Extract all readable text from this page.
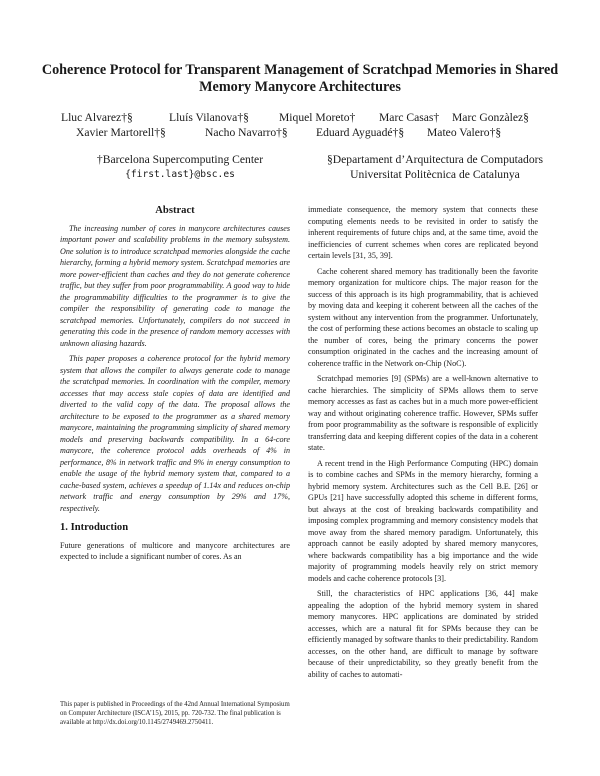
Coherence Protocol for Transparent Management of Scratchpad Memories in Shared Memory Manycore Architectures
Lluc Alvarez†§	Lluís Vilanova†§	Miquel Moreto† Marc Casas† Marc Gonzàlez§
Xavier Martorell†§	Nacho Navarro†§ Eduard Ayguadé†§ Mateo Valero†§
†Barcelona Supercomputing Center
{first.last}@bsc.es
§Departament d’Arquitectura de Computadors
Universitat Politècnica de Catalunya
Abstract

The increasing number of cores in manycore architectures causes important power and scalability problems in the memory subsystem. One solution is to introduce scratchpad memories alongside the cache hierarchy, forming a hybrid memory system. Scratchpad memories are more power-efficient than caches and they do not generate coherence traffic, but they suffer from poor programmability. A good way to hide the programmability difficulties to the programmer is to give the compiler the responsibility of generating code to manage the scratchpad memories. Unfortunately, compilers do not succeed in generating this code in the presence of random memory accesses with unknown aliasing hazards.

This paper proposes a coherence protocol for the hybrid memory system that allows the compiler to always generate code to manage the scratchpad memories. In coordination with the compiler, memory accesses that may access stale copies of data are identified and diverted to the valid copy of the data. The proposal allows the architecture to be exposed to the programmer as a shared memory manycore, maintaining the programming simplicity of shared memory models and preserving backwards compatibility. In a 64-core manycore, the coherence protocol adds overheads of 4% in performance, 8% in network traffic and 9% in energy consumption to enable the usage of the hybrid memory system that, compared to a cache-based system, achieves a speedup of 1.14x and reduces on-chip network traffic and energy consumption by 29% and 17%, respectively.

1. Introduction

Future generations of multicore and manycore architectures are expected to include a significant number of cores. As an

This paper is published in Proceedings of the 42nd Annual International Symposium on Computer Architecture (ISCA’15), 2015, pp. 720-732. The final publication is available at http://dx.doi.org/10.1145/2749469.2750411.

immediate consequence, the memory system that connects these computing elements needs to be revisited in order to satisfy the inherent requirements of future chips and, at the same time, avoid the inefficiencies of current schemes when cores are replicated beyond certain levels [31, 35, 39].

Cache coherent shared memory has traditionally been the favorite memory organization for multicore chips. The major reason for the success of this approach is its high programmability, that is achieved by moving data and keeping it coherent between all the caches of the system without any intervention from the programmer. Unfortunately, the cost of performing these actions becomes an obstacle to scaling up the number of cores, being the primary concerns the power consumption originated in the caches and the increasing amount of coherence traffic in the Network on-Chip (NoC).

Scratchpad memories [9] (SPMs) are a well-known alternative to cache hierarchies. The simplicity of SPMs allows them to serve memory accesses as fast as caches but in a much more power-efficient way and without originating coherence traffic. However, SPMs suffer from poor programmability as the software is responsible of explicitly transferring data and keeping different copies of the data in a coherent state.

A recent trend in the High Performance Computing (HPC) domain is to combine caches and SPMs in the memory hierarchy, forming a hybrid memory system. Architectures such as the Cell B.E. [26] or GPUs [21] have successfully adopted this scheme in different forms, but always at the cost of breaking backwards compatibility and imposing complex programming and memory consistency models that move away from the shared memory paradigm. Unfortunately, this approach cannot be easily adopted by shared memory manycores, where backwards compatibility has a big importance and the wide majority of programming models heavily rely on strict memory models and cache coherence protocols [3].

Still, the characteristics of HPC applications [36, 44] make appealing the adoption of the hybrid memory system in shared memory manycores. HPC applications are dominated by strided accesses, which are a natural fit for SPMs because they can be efficiently managed by software thanks to their predictability. Random accesses, on the other hand, are difficult to manage by software because of their unpredictability, so they greatly benefit from the ability of caches to automati-
